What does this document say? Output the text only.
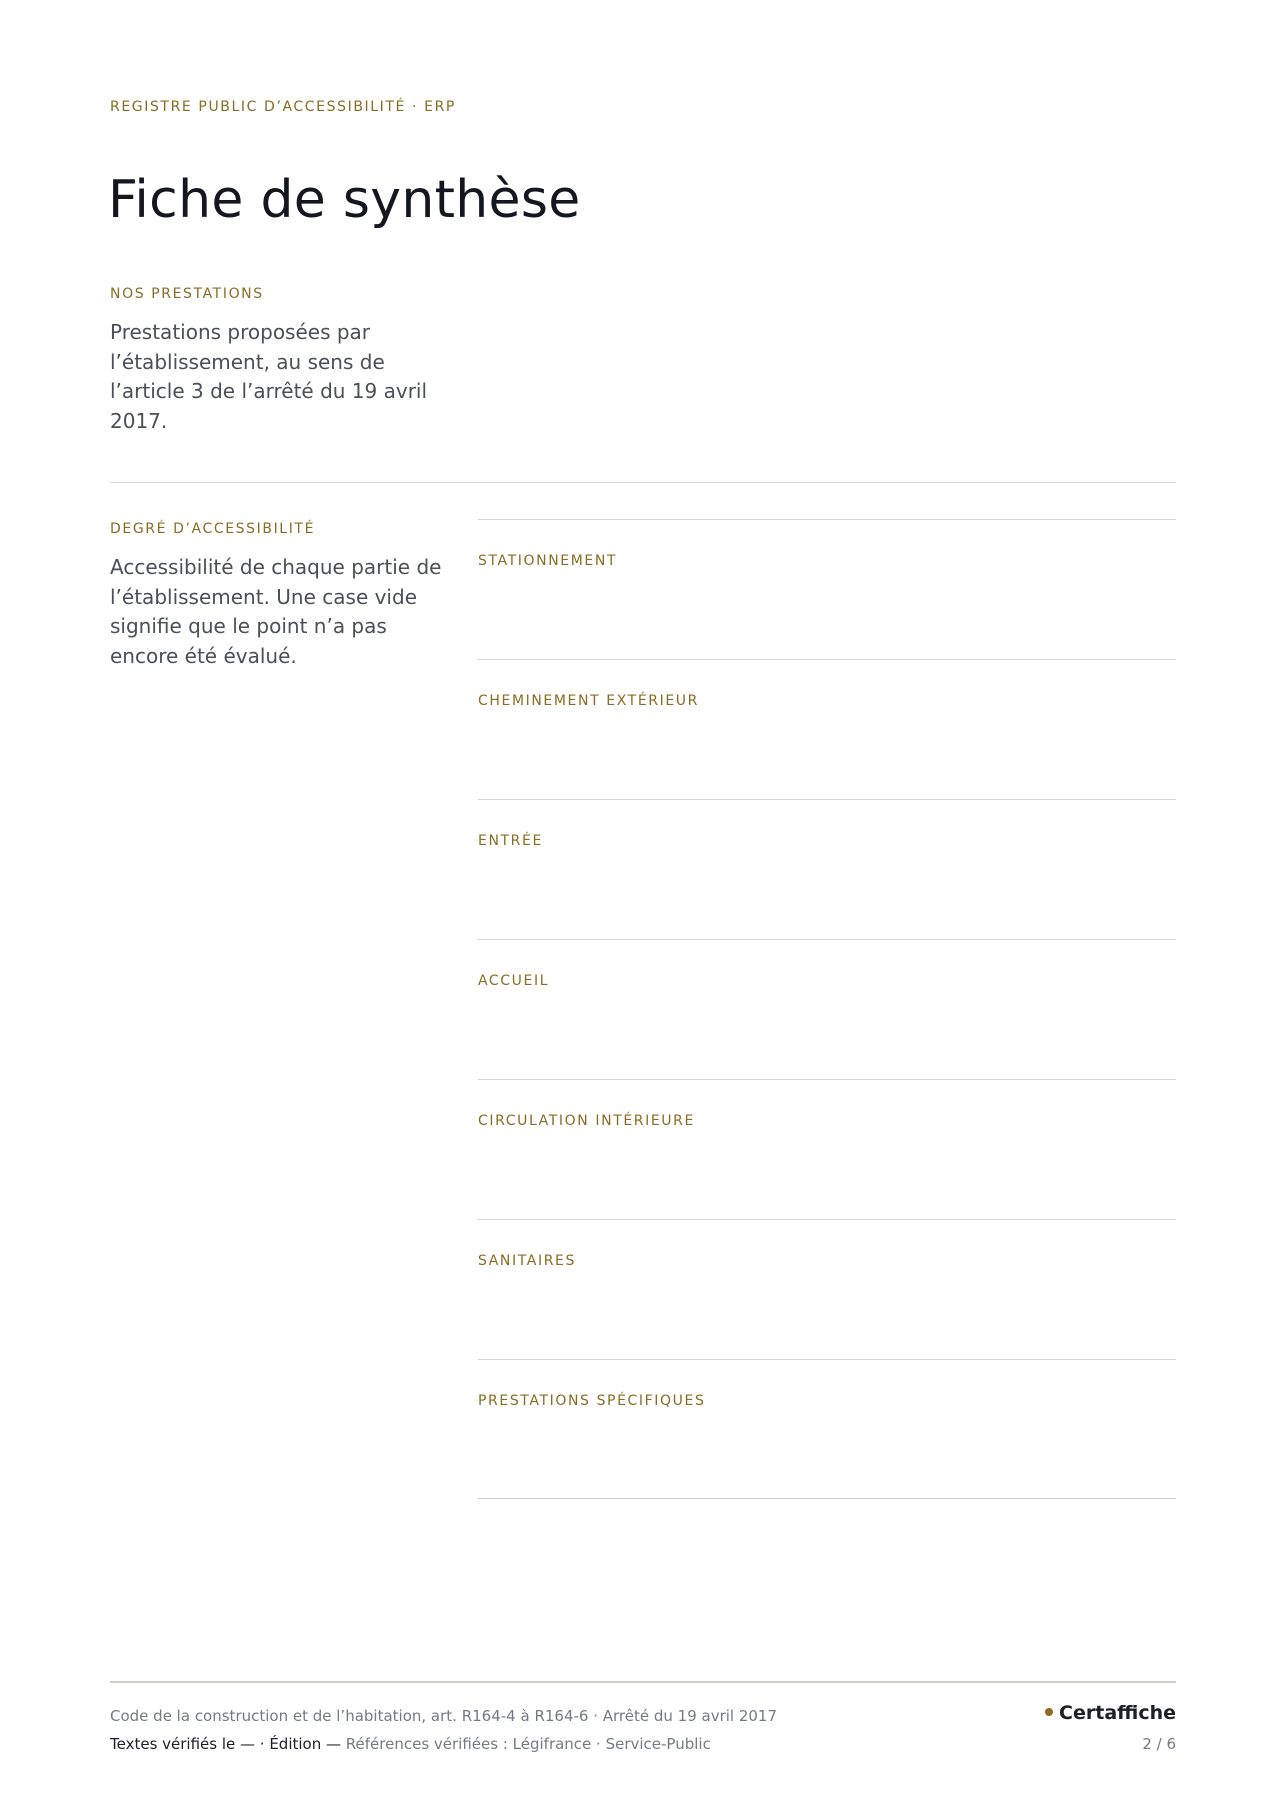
REGISTRE PUBLIC D’ACCESSIBILITÉ · ERP
Fiche de synthèse
NOS PRESTATIONS

Prestations proposées par l’établissement, au sens de l’article 3 de l’arrêté du 19 avril 2017.

DEGRÉ D’ACCESSIBILITÉ

Accessibilité de chaque partie de l’établissement. Une case vide signifie que le point n’a pas encore été évalué.

STATIONNEMENT
CHEMINEMENT EXTÉRIEUR
ENTRÉE
ACCUEIL
CIRCULATION INTÉRIEURE
SANITAIRES
PRESTATIONS SPÉCIFIQUES
Code de la construction et de l’habitation, art. R164-4 à R164-6 · Arrêté du 19 avril 2017
Textes vérifiés le — · Édition — Références vérifiées : Légifrance · Service-Public
Certaffiche
2 / 6
